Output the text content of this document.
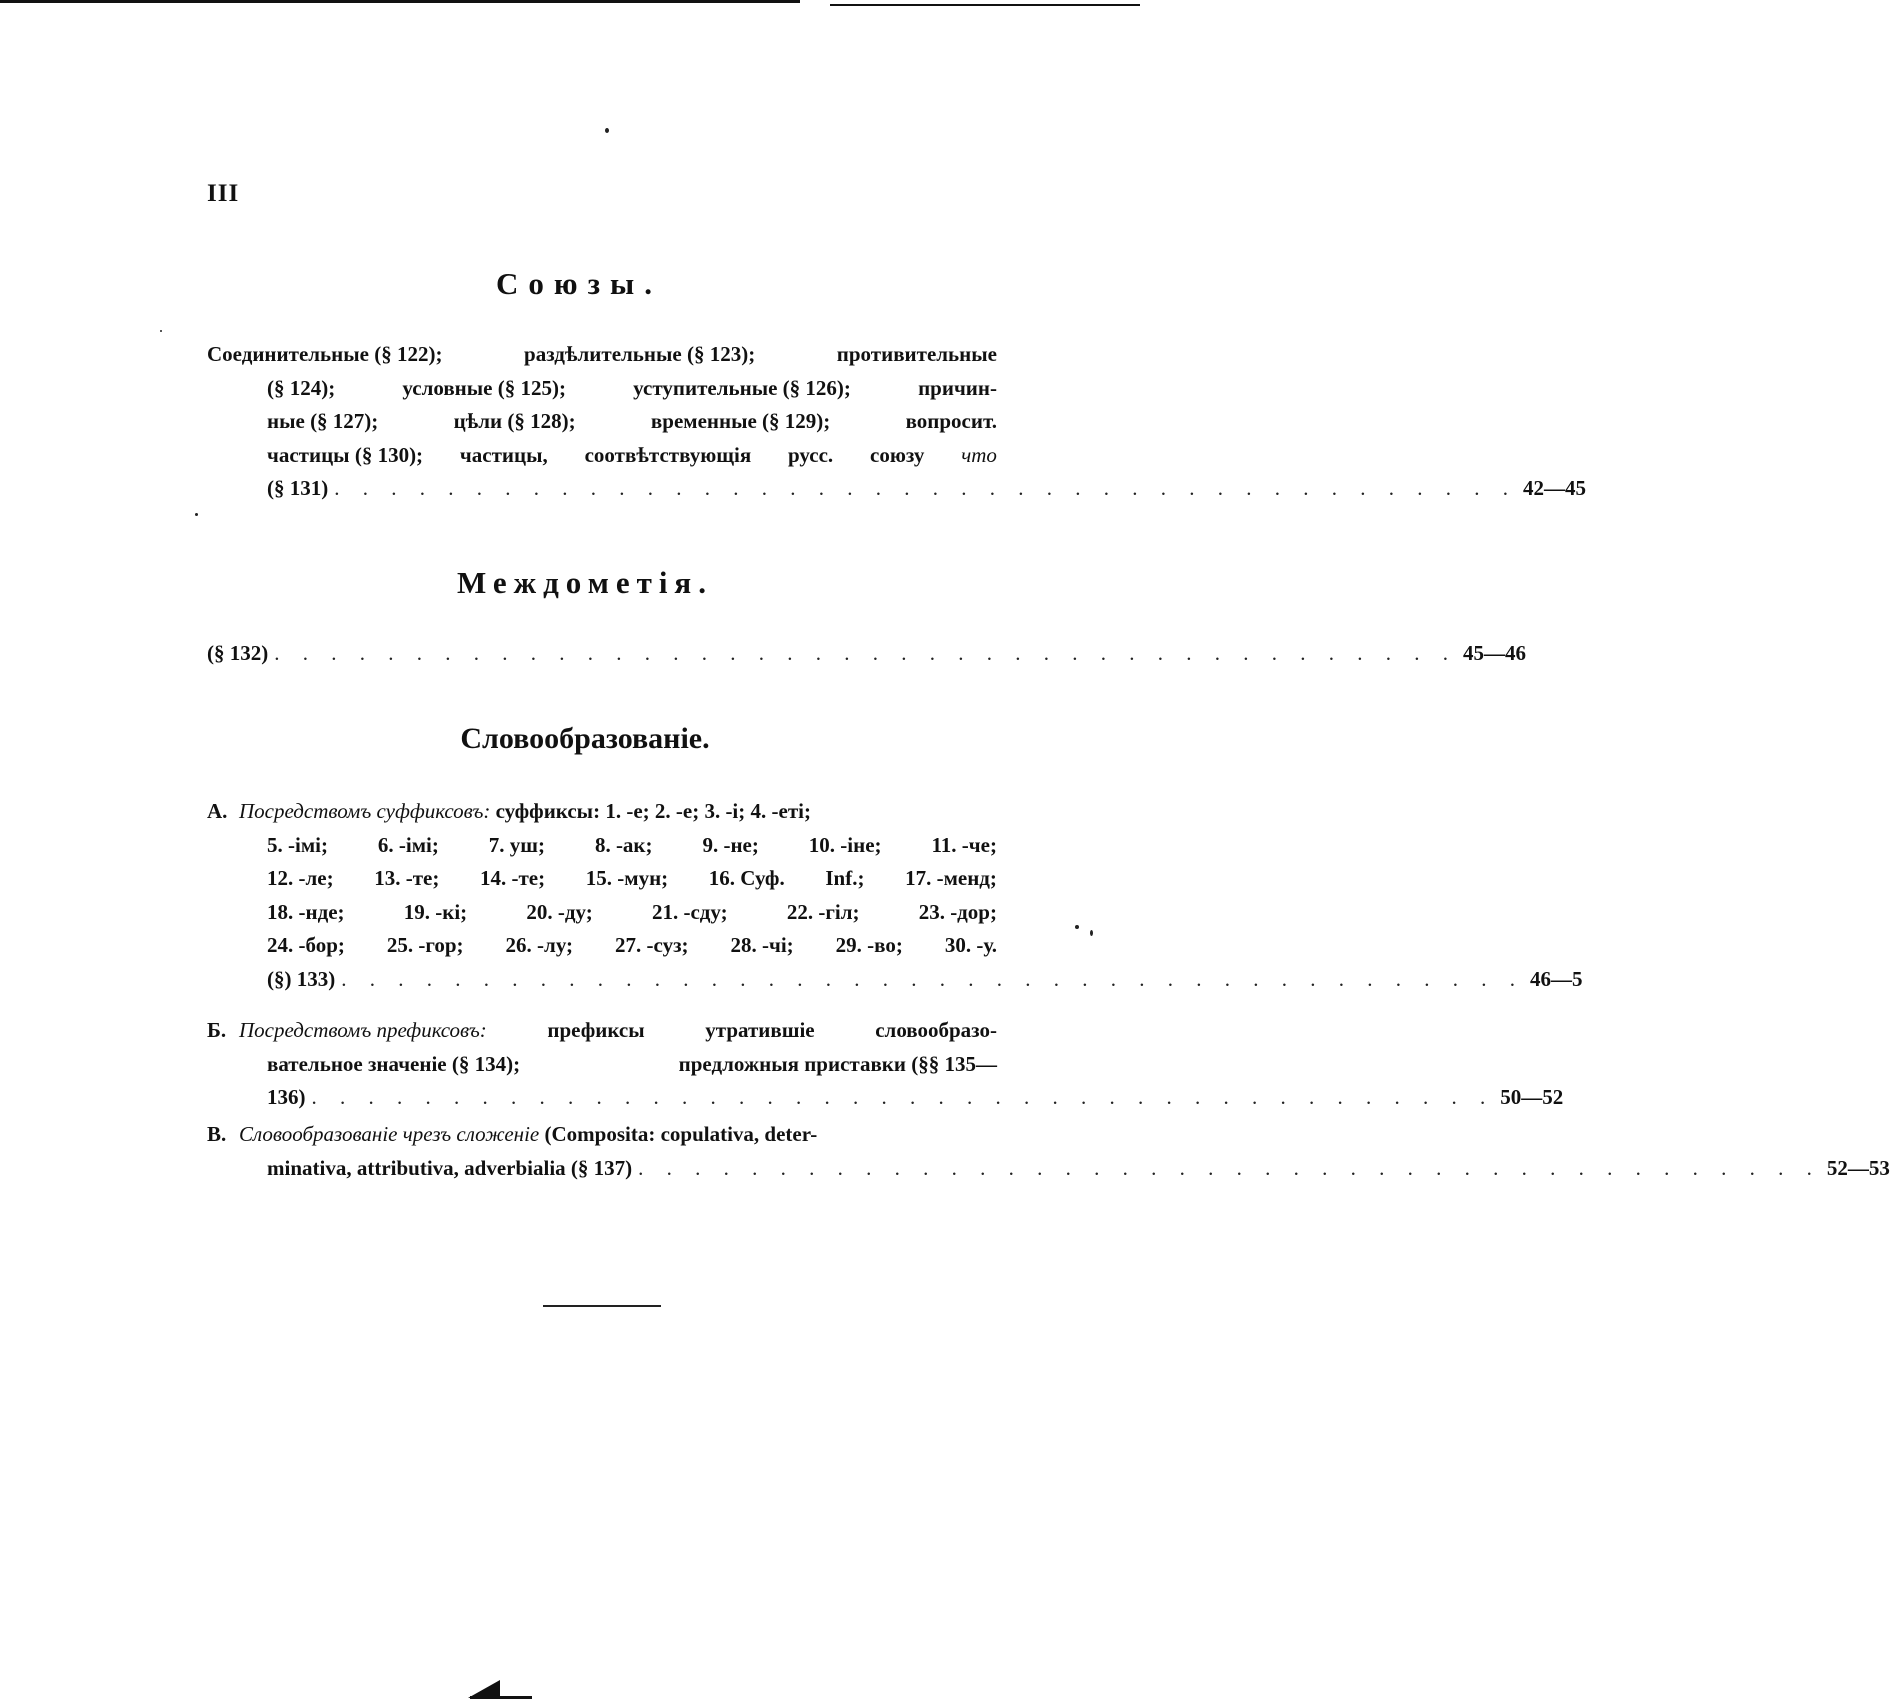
III
Союзы.
Соединительные (§ 122);	раздѣлительные (§ 123);	противительные
(§ 124);	условные (§ 125);	уступительные (§ 126);	причин-
ные (§ 127);	цѣли (§ 128);	временные (§ 129);	вопросит.
частицы (§ 130); частицы, соотвѣтствующія русс. союзу что
(§ 131) . . . . . . . . . . . . . . . . . . . . . . . . . . . . . . . . . . . . . . . . . . 42—45
Междометія.
(§ 132) . . . . . . . . . . . . . . . . . . . . . . . . . . . . . . . . . . . . . . . . . . 45—46
Словообразованіе.
А. Посредствомъ суффиксовъ: суффиксы: 1. -е; 2. -е; 3. -і; 4. -еті;
5. -імі; 6. -імі; 7. уш; 8. -ак; 9. -не; 10. -іне; 11. -че;
12. -ле; 13. -те; 14. -те; 15. -мун; 16. Суф. Inf.; 17. -менд;
18. -нде;	19. -кі;	20. -ду;	21. -сду;	22. -гіл;	23. -дор;
24. -бор; 25. -гор; 26. -лу; 27. -суз; 28. -чі; 29. -во; 30. -у.
(§) 133) . . . . . . . . . . . . . . . . . . . . . . . . . . . . . . . . . . . . . . . . . . 46—5
Б. Посредствомъ префиксовъ:	префиксы	утратившіе	словообразо-
вательное значеніе (§ 134);	предложныя приставки (§§ 135—
136) . . . . . . . . . . . . . . . . . . . . . . . . . . . . . . . . . . . . . . . . . . 50—52
В. Словообразованіе чрезъ сложеніе (Composita: copulativa, deter-
minativa, attributiva, adverbialia (§ 137) . . . . . . . . . . . . . . . . . . . . . . . . . . . . . . . . . . . . . . . . . . 52—53
